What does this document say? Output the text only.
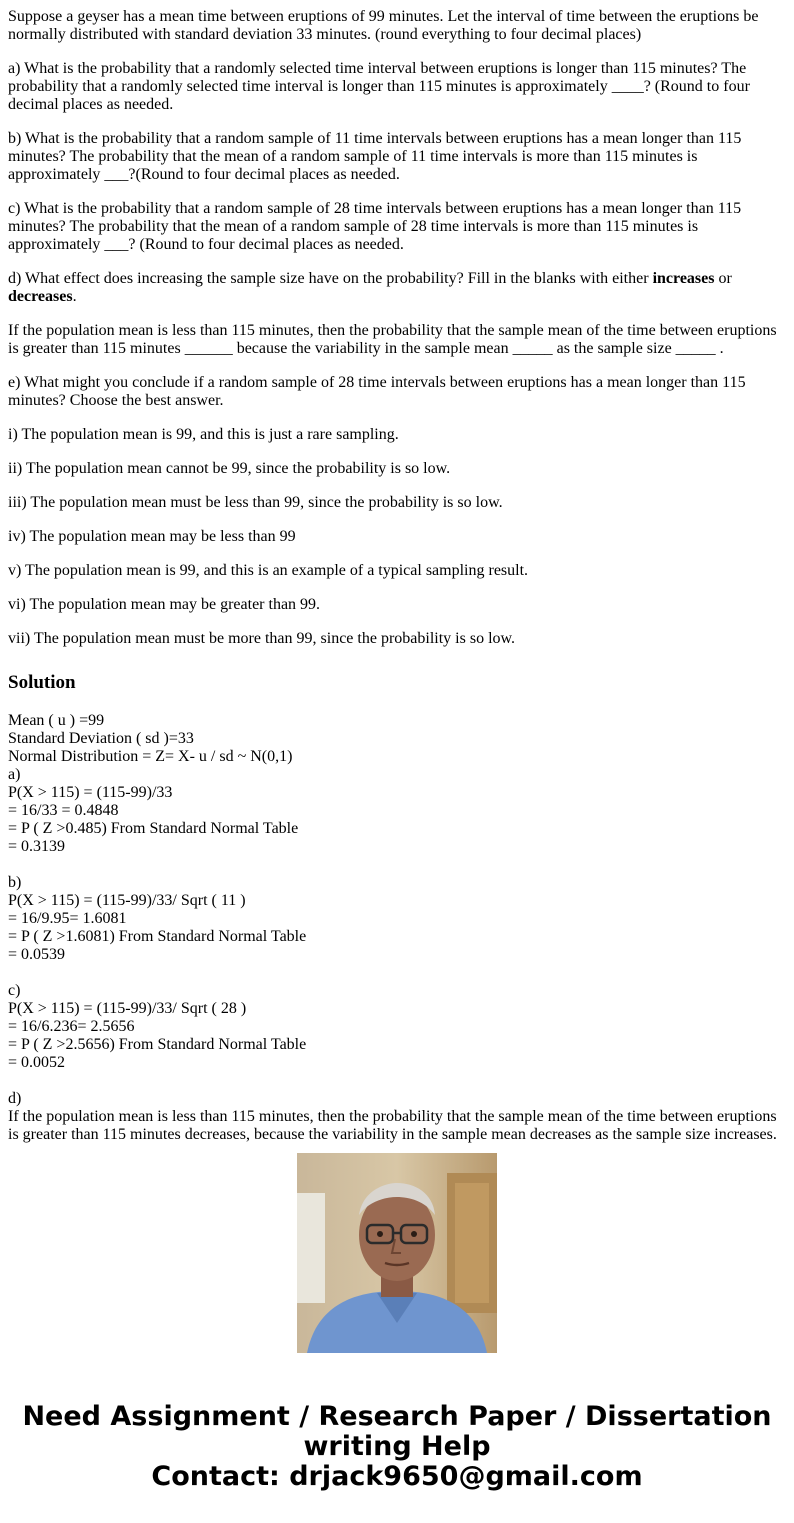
Suppose a geyser has a mean time between eruptions of 99 minutes. Let the interval of time between the eruptions be normally distributed with standard deviation 33 minutes. (round everything to four decimal places)

a) What is the probability that a randomly selected time interval between eruptions is longer than 115 minutes? The probability that a randomly selected time interval is longer than 115 minutes is approximately ____? (Round to four decimal places as needed.

b) What is the probability that a random sample of 11 time intervals between eruptions has a mean longer than 115 minutes? The probability that the mean of a random sample of 11 time intervals is more than 115 minutes is approximately ___?(Round to four decimal places as needed.

c) What is the probability that a random sample of 28 time intervals between eruptions has a mean longer than 115 minutes? The probability that the mean of a random sample of 28 time intervals is more than 115 minutes is approximately ___? (Round to four decimal places as needed.

d) What effect does increasing the sample size have on the probability? Fill in the blanks with either increases or decreases.

If the population mean is less than 115 minutes, then the probability that the sample mean of the time between eruptions is greater than 115 minutes ______ because the variability in the sample mean _____ as the sample size _____ .

e) What might you conclude if a random sample of 28 time intervals between eruptions has a mean longer than 115 minutes? Choose the best answer.

i) The population mean is 99, and this is just a rare sampling.

ii) The population mean cannot be 99, since the probability is so low.

iii) The population mean must be less than 99, since the probability is so low.

iv) The population mean may be less than 99

v) The population mean is 99, and this is an example of a typical sampling result.

vi) The population mean may be greater than 99.

vii) The population mean must be more than 99, since the probability is so low.

Solution
Mean ( u ) =99
Standard Deviation ( sd )=33
Normal Distribution = Z= X- u / sd ~ N(0,1)
a)
P(X > 115) = (115-99)/33
= 16/33 = 0.4848
= P ( Z >0.485) From Standard Normal Table
= 0.3139
b)
P(X > 115) = (115-99)/33/ Sqrt ( 11 )
= 16/9.95= 1.6081
= P ( Z >1.6081) From Standard Normal Table
= 0.0539
c)
P(X > 115) = (115-99)/33/ Sqrt ( 28 )
= 16/6.236= 2.5656
= P ( Z >2.5656) From Standard Normal Table
= 0.0052
d)
If the population mean is less than 115 minutes, then the probability that the sample mean of the time between eruptions is greater than 115 minutes decreases, because the variability in the sample mean decreases as the sample size increases.
Need Assignment / Research Paper / Dissertation
writing Help
Contact: drjack9650@gmail.com
